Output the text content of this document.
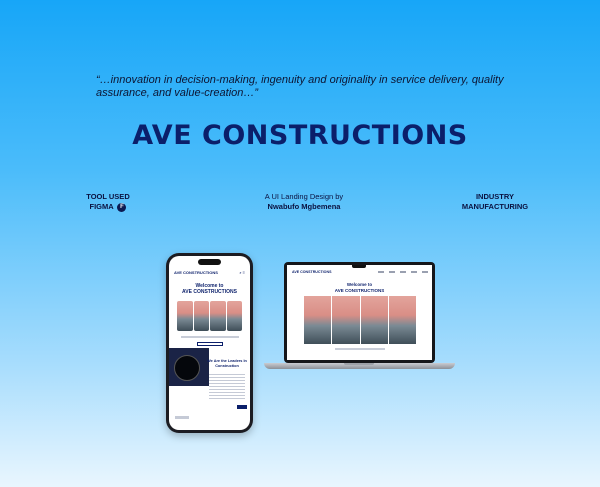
“…innovation in decision-making, ingenuity and originality in service delivery, quality assurance, and value-creation…”

AVE CONSTRUCTIONS
TOOL USED
FIGMA F
A UI Landing Design by
Nwabufo Mgbemena
INDUSTRY
MANUFACTURING
AVE CONSTRUCTIONS	⌕ ≡
Welcome to
AVE CONSTRUCTIONS
We Are the Leaders In Construction
AVE CONSTRUCTIONS
Welcome to
AVE CONSTRUCTIONS
